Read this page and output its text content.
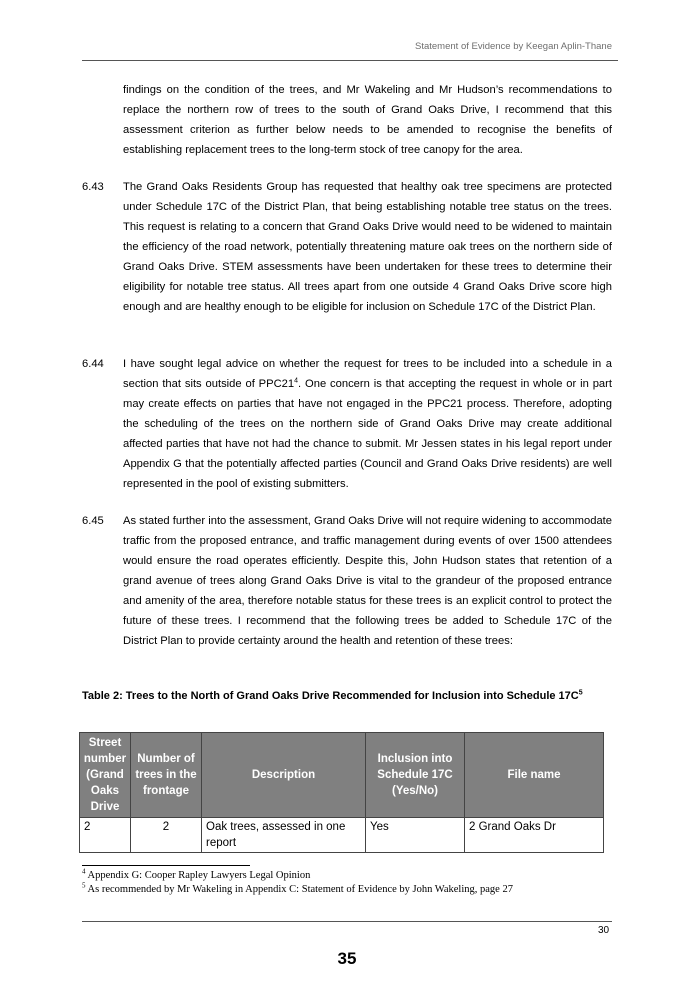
Statement of Evidence by Keegan Aplin-Thane
findings on the condition of the trees, and Mr Wakeling and Mr Hudson’s recommendations to replace the northern row of trees to the south of Grand Oaks Drive, I recommend that this assessment criterion as further below needs to be amended to recognise the benefits of establishing replacement trees to the long-term stock of tree canopy for the area.
6.43 The Grand Oaks Residents Group has requested that healthy oak tree specimens are protected under Schedule 17C of the District Plan, that being establishing notable tree status on the trees. This request is relating to a concern that Grand Oaks Drive would need to be widened to maintain the efficiency of the road network, potentially threatening mature oak trees on the northern side of Grand Oaks Drive. STEM assessments have been undertaken for these trees to determine their eligibility for notable tree status. All trees apart from one outside 4 Grand Oaks Drive score high enough and are healthy enough to be eligible for inclusion on Schedule 17C of the District Plan.
6.44 I have sought legal advice on whether the request for trees to be included into a schedule in a section that sits outside of $PPC21^4$. One concern is that accepting the request in whole or in part may create effects on parties that have not engaged in the PPC21 process. Therefore, adopting the scheduling of the trees on the northern side of Grand Oaks Drive may create additional affected parties that have not had the chance to submit. Mr Jessen states in his legal report under Appendix G that the potentially affected parties (Council and Grand Oaks Drive residents) are well represented in the pool of existing submitters.
6.45 As stated further into the assessment, Grand Oaks Drive will not require widening to accommodate traffic from the proposed entrance, and traffic management during events of over 1500 attendees would ensure the road operates efficiently. Despite this, John Hudson states that retention of a grand avenue of trees along Grand Oaks Drive is vital to the grandeur of the proposed entrance and amenity of the area, therefore notable status for these trees is an explicit control to protect the future of these trees. I recommend that the following trees be added to Schedule 17C of the District Plan to provide certainty around the health and retention of these trees:
Table 2: Trees to the North of Grand Oaks Drive Recommended for Inclusion into Schedule $17C^5$
Street number (Grand Oaks Drive	Number of trees in the frontage	Description	Inclusion into Schedule 17C (Yes/No)	File name
2	2	Oak trees, assessed in one report	Yes	2 Grand Oaks Dr
$^4$ Appendix G: Cooper Rapley Lawyers Legal Opinion
$^5$ As recommended by Mr Wakeling in Appendix C: Statement of Evidence by John Wakeling, page 27
30
35
